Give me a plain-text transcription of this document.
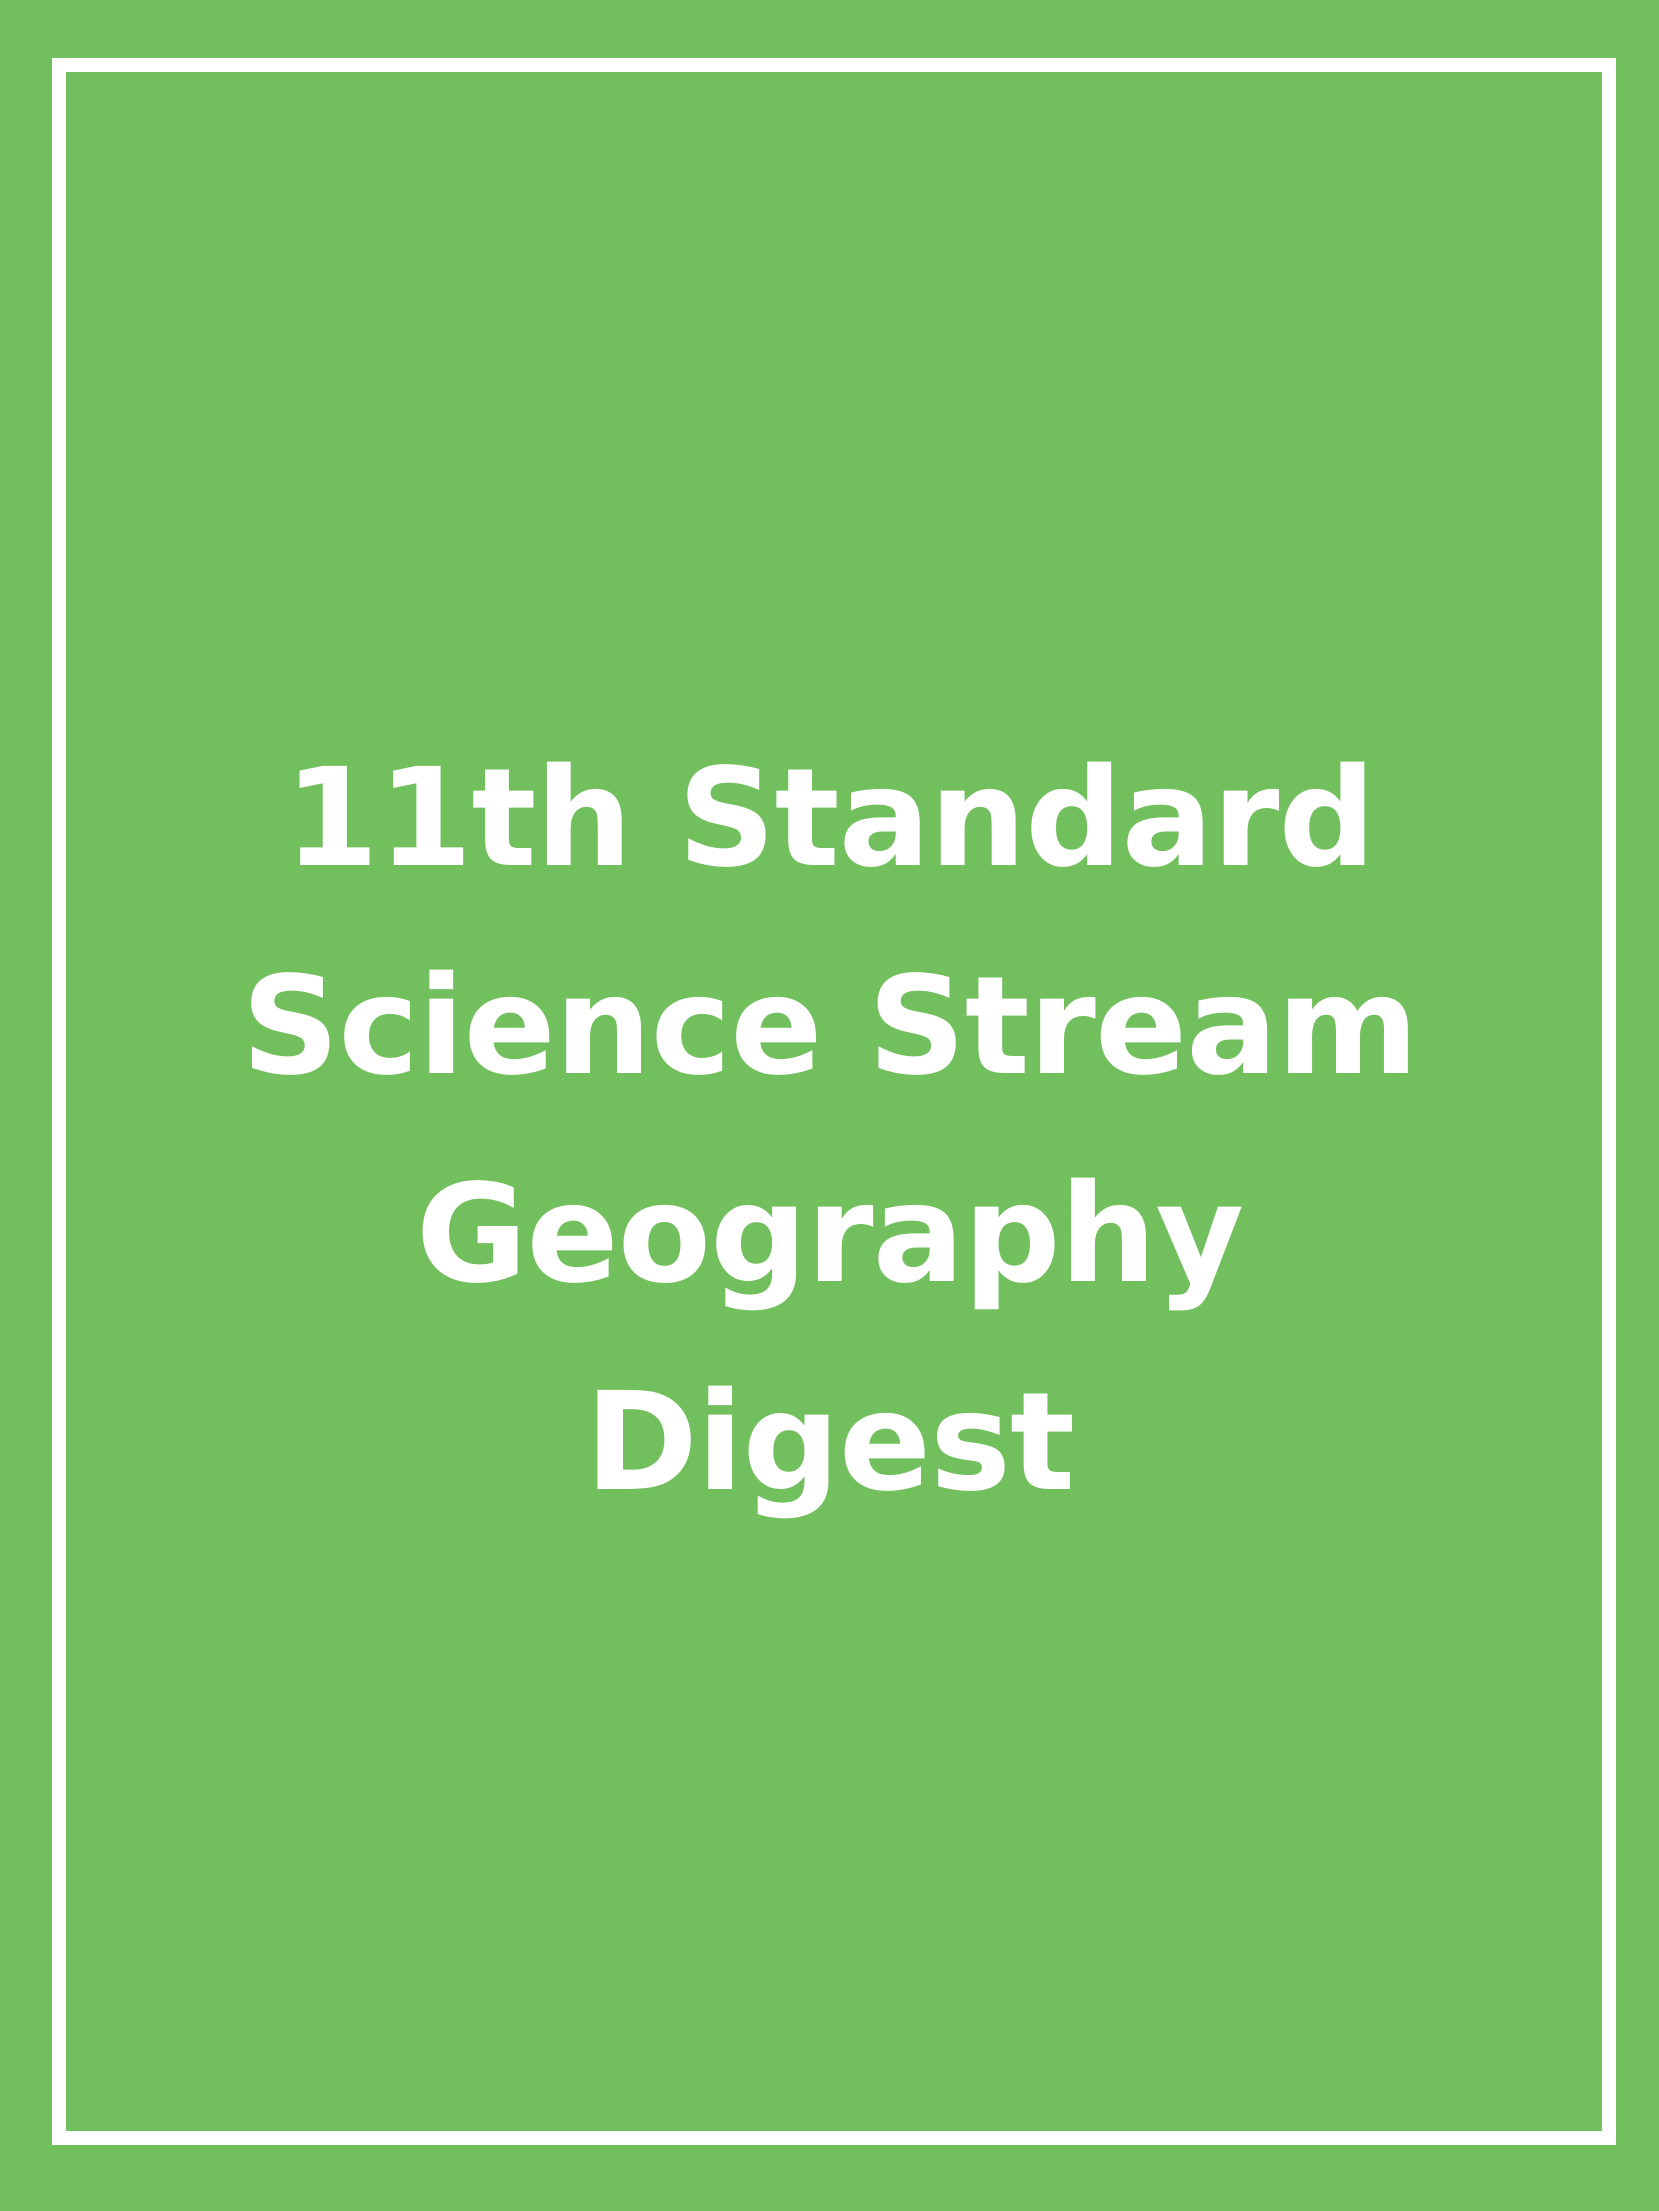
11th Standard
Science Stream
Geography
Digest
